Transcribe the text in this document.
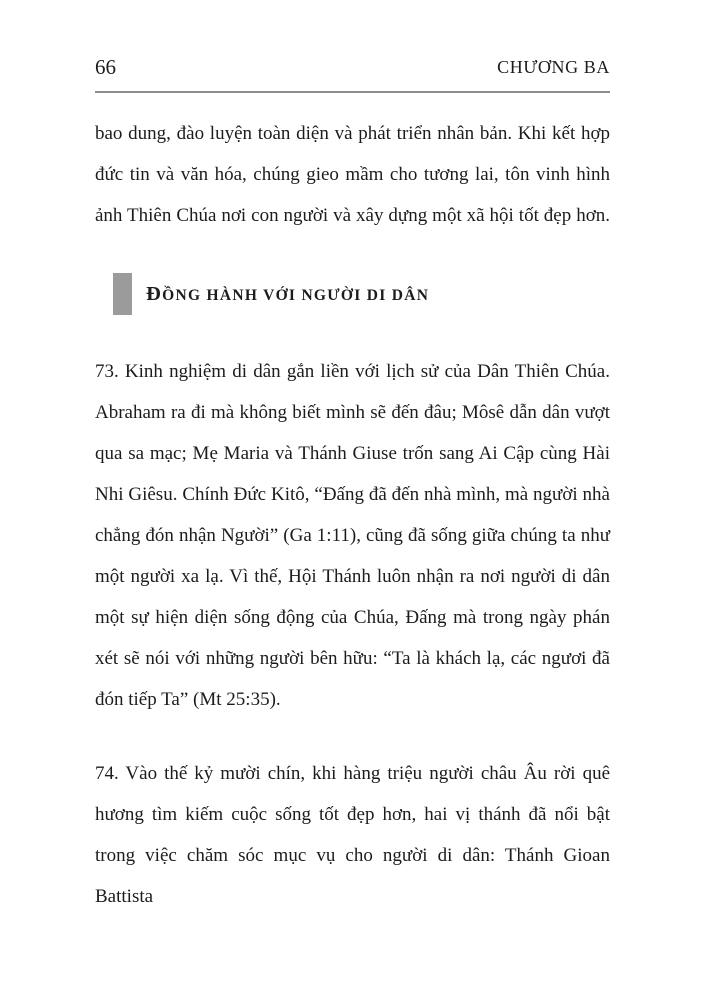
66	CHƯƠNG BA
bao dung, đào luyện toàn diện và phát triển nhân bản. Khi kết hợp
đức tin và văn hóa, chúng gieo mầm cho tương lai, tôn vinh hình
ảnh Thiên Chúa nơi con người và xây dựng một xã hội tốt đẹp hơn.
ĐỒNG HÀNH VỚI NGƯỜI DI DÂN
73. Kinh nghiệm di dân gắn liền với lịch sử của Dân Thiên Chúa.
Abraham ra đi mà không biết mình sẽ đến đâu; Môsê dẫn dân vượt
qua sa mạc; Mẹ Maria và Thánh Giuse trốn sang Ai Cập cùng Hài
Nhi Giêsu. Chính Đức Kitô, “Đấng đã đến nhà mình, mà người nhà
chẳng đón nhận Người” (Ga 1:11), cũng đã sống giữa chúng ta như
một người xa lạ. Vì thế, Hội Thánh luôn nhận ra nơi người di dân
một sự hiện diện sống động của Chúa, Đấng mà trong ngày phán
xét sẽ nói với những người bên hữu: “Ta là khách lạ, các ngươi đã
đón tiếp Ta” (Mt 25:35).
74. Vào thế kỷ mười chín, khi hàng triệu người châu Âu rời quê
hương tìm kiếm cuộc sống tốt đẹp hơn, hai vị thánh đã nổi bật
trong việc chăm sóc mục vụ cho người di dân: Thánh Gioan Battista
